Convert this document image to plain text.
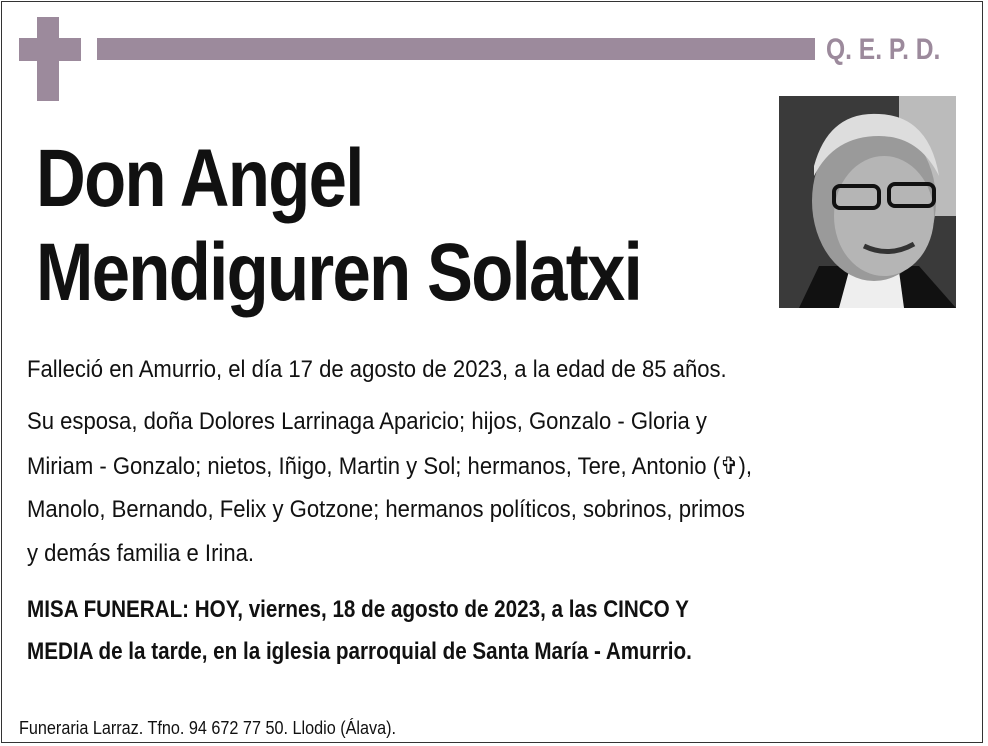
Q. E. P. D.
Don Angel
Mendiguren Solatxi
Falleció en Amurrio, el día 17 de agosto de 2023, a la edad de 85 años.
Su esposa, doña Dolores Larrinaga Aparicio; hijos, Gonzalo - Gloria y
Miriam - Gonzalo; nietos, Iñigo, Martin y Sol; hermanos, Tere, Antonio (✞),
Manolo, Bernando, Felix y Gotzone; hermanos políticos, sobrinos, primos
y demás familia e Irina.
MISA FUNERAL: HOY, viernes, 18 de agosto de 2023, a las CINCO Y
MEDIA de la tarde, en la iglesia parroquial de Santa María - Amurrio.
Funeraria Larraz. Tfno. 94 672 77 50. Llodio (Álava).
